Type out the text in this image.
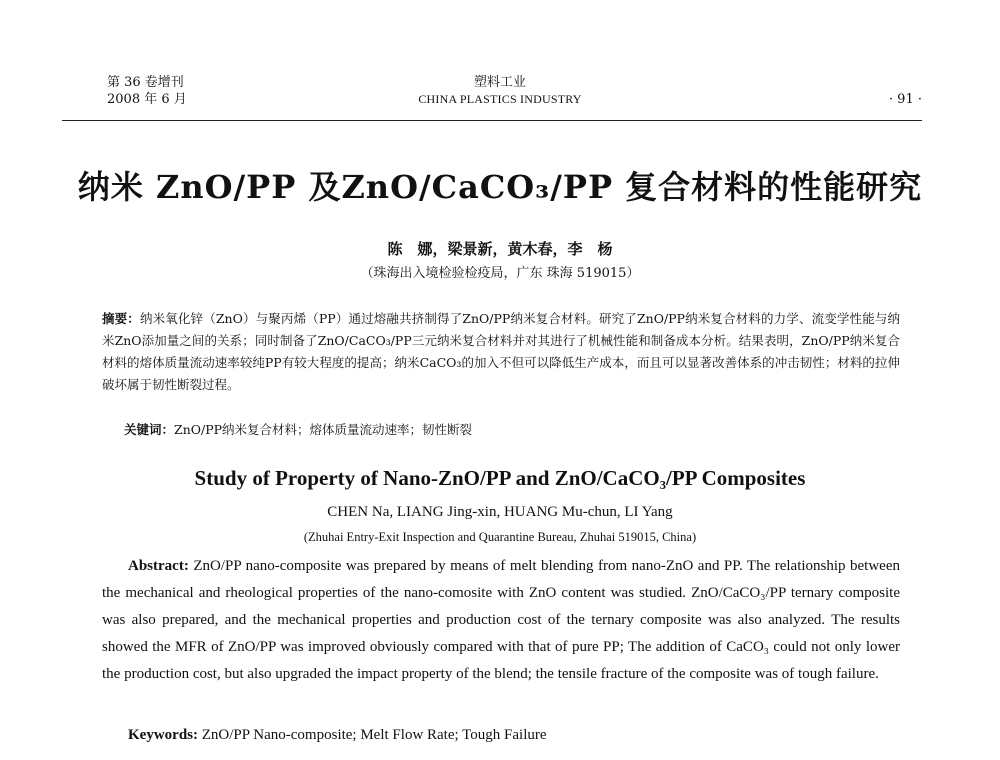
第 36 卷增刊
2008 年 6 月
塑料工业
CHINA PLASTICS INDUSTRY	· 91 ·
纳米 ZnO/PP 及ZnO/CaCO₃/PP 复合材料的性能研究
陈　娜，梁景新，黄木春，李　杨
（珠海出入境检验检疫局，广东 珠海 519015）
摘要：纳米氧化锌（ZnO）与聚丙烯（PP）通过熔融共挤制得了ZnO/PP纳米复合材料。研究了ZnO/PP纳米复合材料的力学、流变学性能与纳米ZnO添加量之间的关系；同时制备了ZnO/CaCO₃/PP三元纳米复合材料并对其进行了机械性能和制备成本分析。结果表明，ZnO/PP纳米复合材料的熔体质量流动速率较纯PP有较大程度的提高；纳米CaCO₃的加入不但可以降低生产成本，而且可以显著改善体系的冲击韧性；材料的拉伸破坏属于韧性断裂过程。
关键词：ZnO/PP纳米复合材料；熔体质量流动速率；韧性断裂
Study of Property of Nano-ZnO/PP and ZnO/CaCO₃/PP Composites
CHEN Na, LIANG Jing-xin, HUANG Mu-chun, LI Yang
(Zhuhai Entry-Exit Inspection and Quarantine Bureau, Zhuhai 519015, China)
Abstract: ZnO/PP nano-composite was prepared by means of melt blending from nano-ZnO and PP. The relationship between the mechanical and rheological properties of the nano-comosite with ZnO content was studied. ZnO/CaCO₃/PP ternary composite was also prepared, and the mechanical properties and production cost of the ternary composite was also analyzed. The results showed the MFR of ZnO/PP was improved obviously compared with that of pure PP; The addition of CaCO₃ could not only lower the production cost, but also upgraded the impact property of the blend; the tensile fracture of the composite was of tough failure.
Keywords: ZnO/PP Nano-composite; Melt Flow Rate; Tough Failure
